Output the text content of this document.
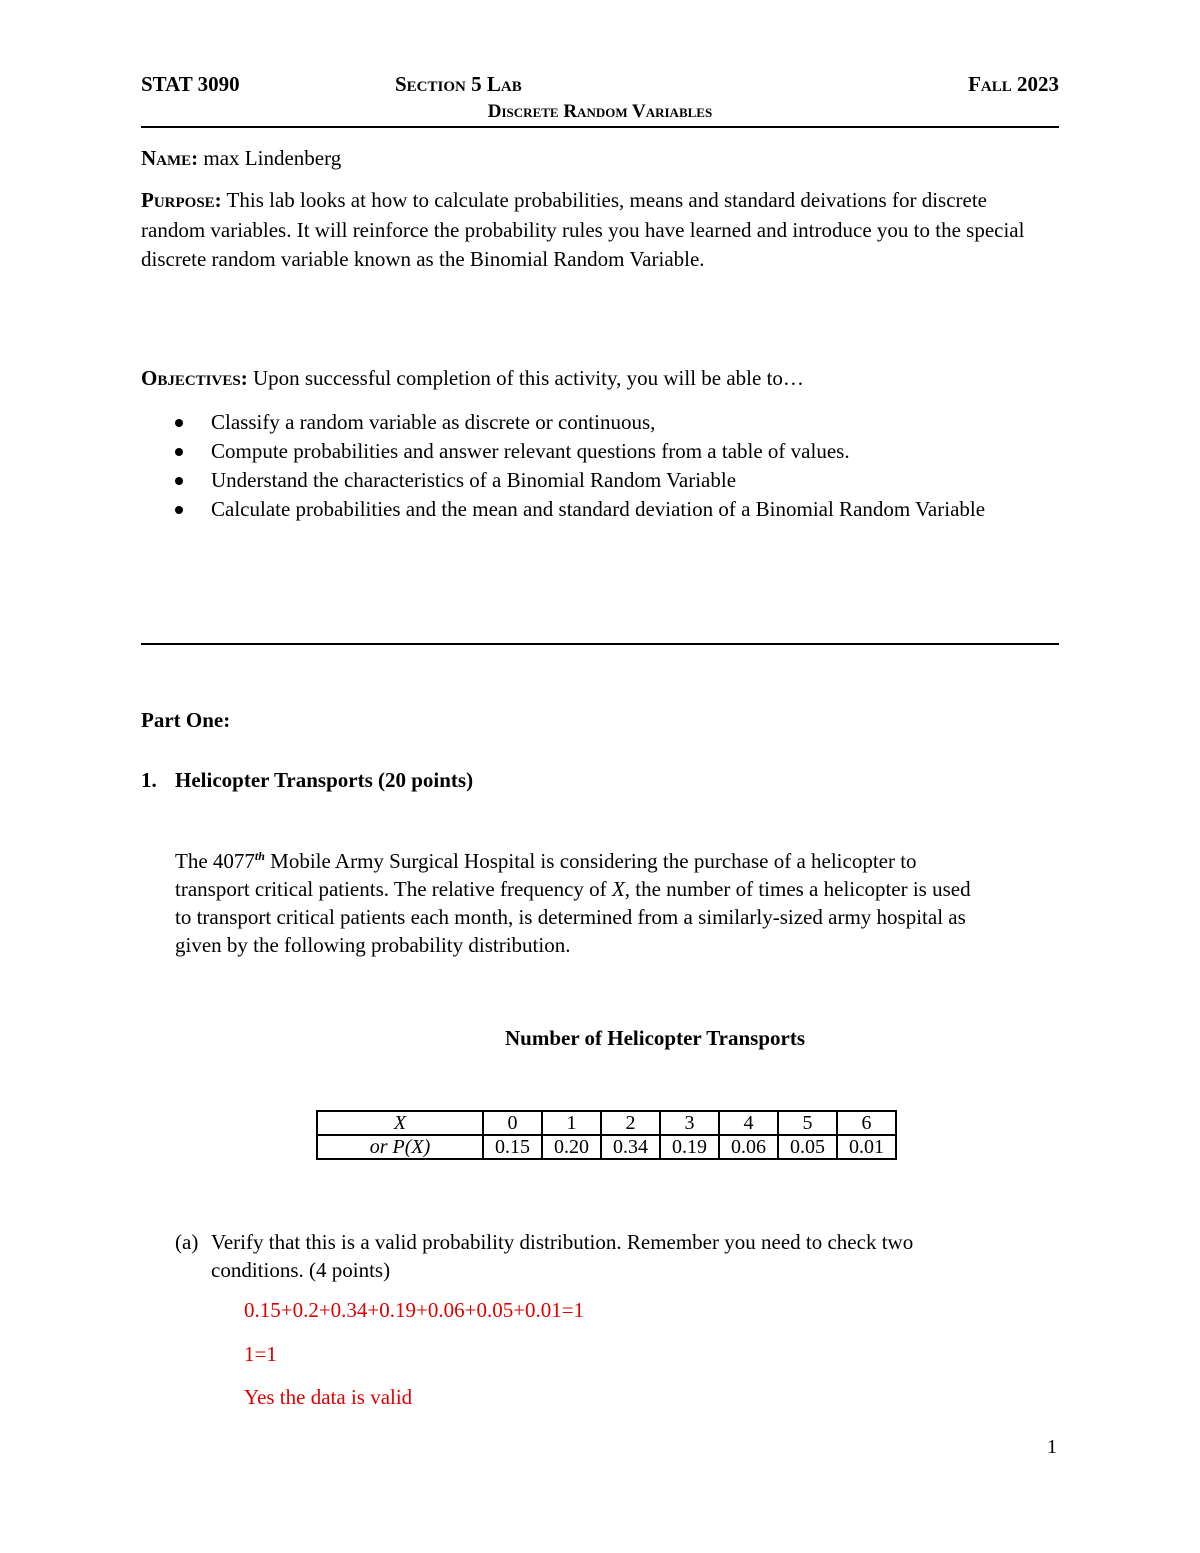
STAT 3090	Section 5 Lab	Fall 2023
Discrete Random Variables
Name: max Lindenberg
Purpose: This lab looks at how to calculate probabilities, means and standard deivations for discrete random variables. It will reinforce the probability rules you have learned and introduce you to the special discrete random variable known as the Binomial Random Variable.
Objectives: Upon successful completion of this activity, you will be able to…
Classify a random variable as discrete or continuous,
Compute probabilities and answer relevant questions from a table of values.
Understand the characteristics of a Binomial Random Variable
Calculate probabilities and the mean and standard deviation of a Binomial Random Variable
Part One:
1. Helicopter Transports (20 points)
The 4077th Mobile Army Surgical Hospital is considering the purchase of a helicopter to transport critical patients. The relative frequency of X, the number of times a helicopter is used to transport critical patients each month, is determined from a similarly-sized army hospital as given by the following probability distribution.
Number of Helicopter Transports
X	0	1	2	3	4	5	6
or P(X)	0.15	0.20	0.34	0.19	0.06	0.05	0.01
(a) Verify that this is a valid probability distribution. Remember you need to check two conditions. (4 points)
0.15+0.2+0.34+0.19+0.06+0.05+0.01=1
1=1
Yes the data is valid
1
